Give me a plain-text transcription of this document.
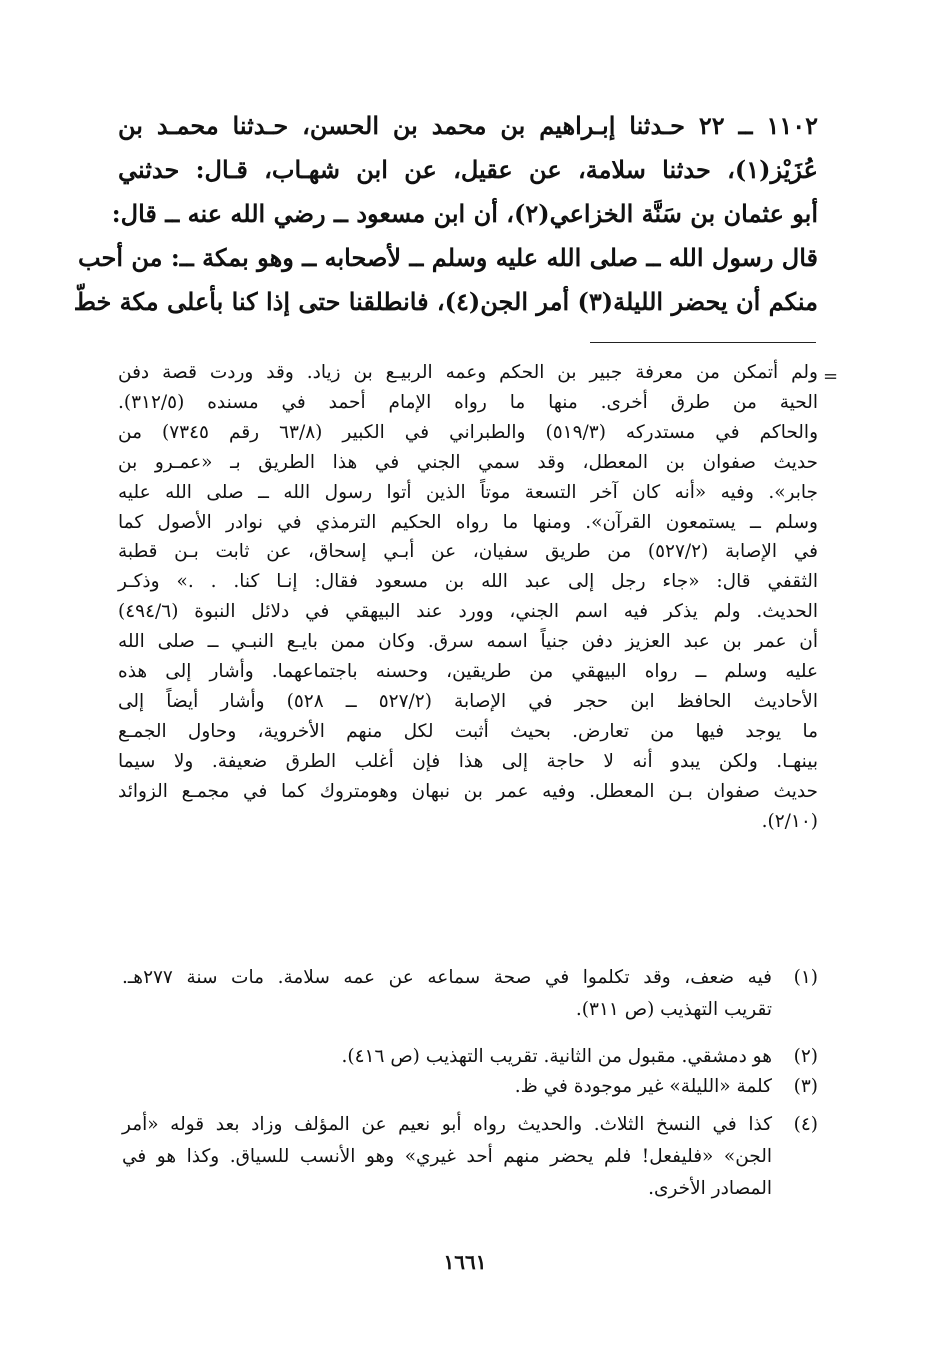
١١٠٢ ــ ٢٢ حـدثنا إبـراهيم بن محمد بن الحسن، حـدثنا محمـد بن
عُزَيْز(١)، حدثنا سلامة، عن عقيل، عن ابن شهـاب، قـال: حدثني
أبو عثمان بن سَنَّة الخزاعي(٢)، أن ابن مسعود ــ رضي الله عنه ــ قال:
قال رسول الله ــ صلى الله عليه وسلم ــ لأصحابه ــ وهو بمكة ــ: من أحب
منكم أن يحضر الليلة(٣) أمر الجن(٤)، فانطلقنا حتى إذا كنا بأعلى مكة خطّ
=
ولم أتمكن من معرفة جبير بن الحكم وعمه الربيـع بن زياد. وقد وردت قصة دفن
الحية من طرق أخرى. منها ما رواه الإمام أحمد في مسنده (٣١٢/٥).
والحاكم في مستدركه (٥١٩/٣) والطبراني في الكبير (٦٣/٨ رقم ٧٣٤٥) من
حديث صفوان بن المعطل، وقد سمي الجني في هذا الطريق بـ «عمـرو بن
جابر». وفيه «أنه كان آخر التسعة موتاً الذين أتوا رسول الله ــ صلى الله عليه
وسلم ــ يستمعون القرآن». ومنها ما رواه الحكيم الترمذي في نوادر الأصول كما
في الإصابة (٥٢٧/٢) من طريق سفيان، عن أبـي إسحاق، عن ثابت بـن قطبة
الثقفي قال: «جاء رجل إلى عبد الله بن مسعود فقال: إنـا كنا. . .» وذكـر
الحديث. ولم يذكر فيه اسم الجني، وورد عند البيهقي في دلائل النبوة (٤٩٤/٦)
أن عمر بن عبد العزيز دفن جنياً اسمه سرق. وكان ممن بايـع النبـي ــ صلى الله
عليه وسلم ــ رواه البيهقي من طريقين، وحسنه باجتماعهما. وأشار إلى هذه
الأحاديث الحافظ ابن حجر في الإصابة (٥٢٧/٢ ــ ٥٢٨) وأشار أيضاً إلى
ما يوجد فيها من تعارض. بحيث أثبت لكل منهم الأخروية، وحاول الجمـع
بينهـا. ولكن يبدو أنه لا حاجة إلى هذا فإن أغلب الطرق ضعيفة. ولا سيما
حديث صفوان بـن المعطل. وفيه عمر بن نبهان وهومتروك كما في مجمـع الزوائد
(٢/١٠).
(١)
فيه ضعف، وقد تكلموا في صحة سماعه عن عمه سلامة. مات سنة ٢٧٧هـ.
تقريب التهذيب (ص ٣١١).
(٢)
هو دمشقي. مقبول من الثانية. تقريب التهذيب (ص ٤١٦).
(٣)
كلمة «الليلة» غير موجودة في ظ.
(٤)
كذا في النسخ الثلاث. والحديث رواه أبو نعيم عن المؤلف وزاد بعد قوله «أمر
الجن» «فليفعل! فلم يحضر منهم أحد غيري» وهو الأنسب للسياق. وكذا هو في
المصادر الأخرى.
١٦٦١
